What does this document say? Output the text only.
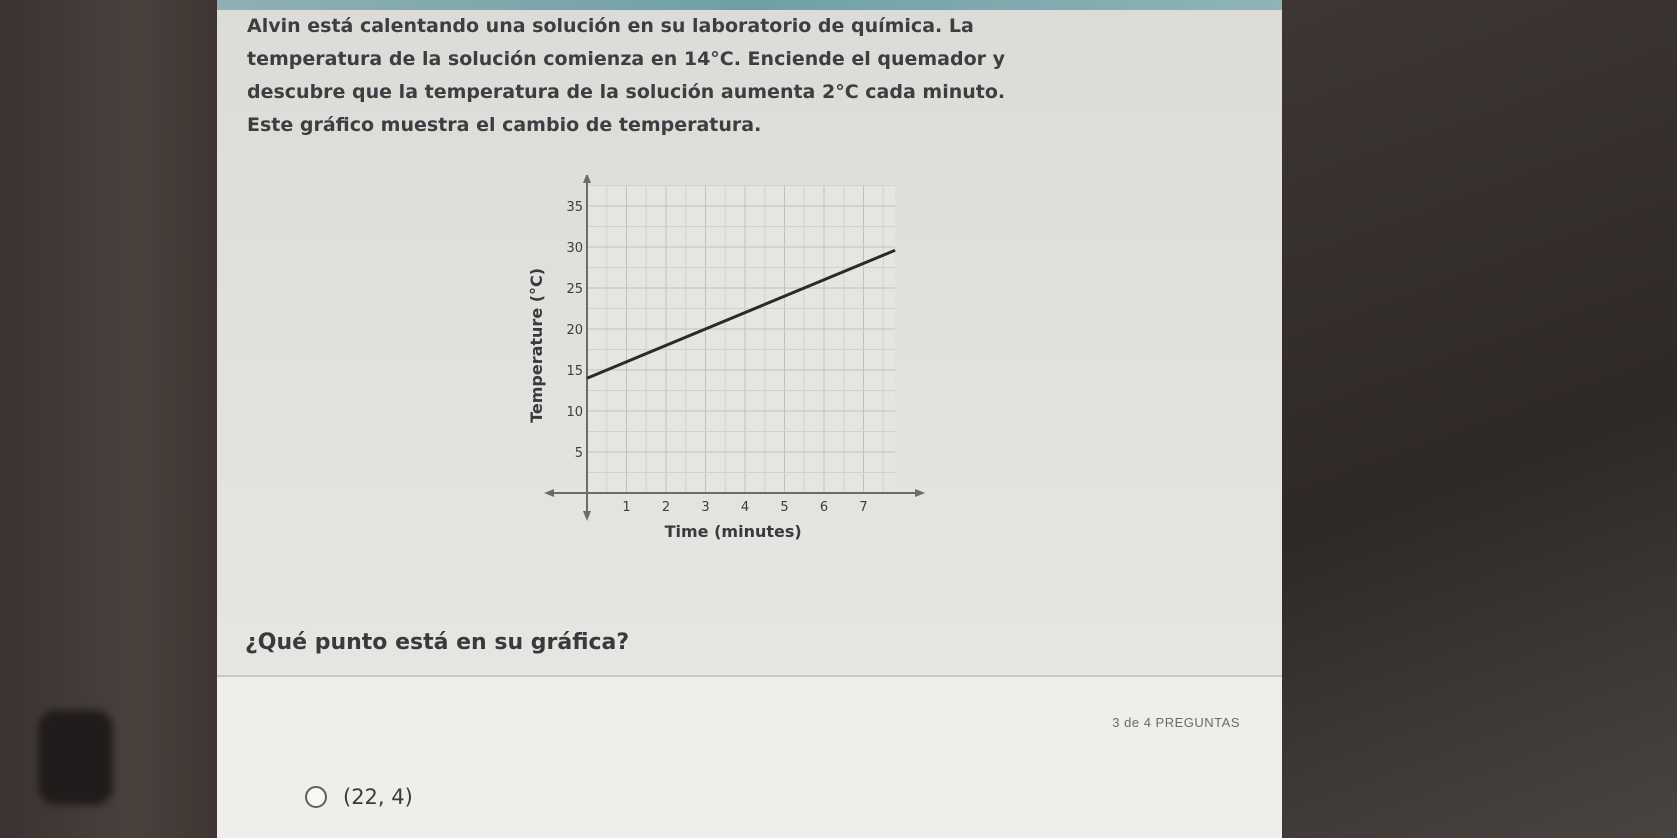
Alvin está calentando una solución en su laboratorio de química. La

temperatura de la solución comienza en 14°C. Enciende el quemador y

descubre que la temperatura de la solución aumenta 2°C cada minuto.

Este gráfico muestra el cambio de temperatura.

1 2 3 4 5 6 7
5
10
15
20
25
30
35
Time (minutes)
Temperature (°C)
¿Qué punto está en su gráfica?
3 de 4 PREGUNTAS
(22, 4)
